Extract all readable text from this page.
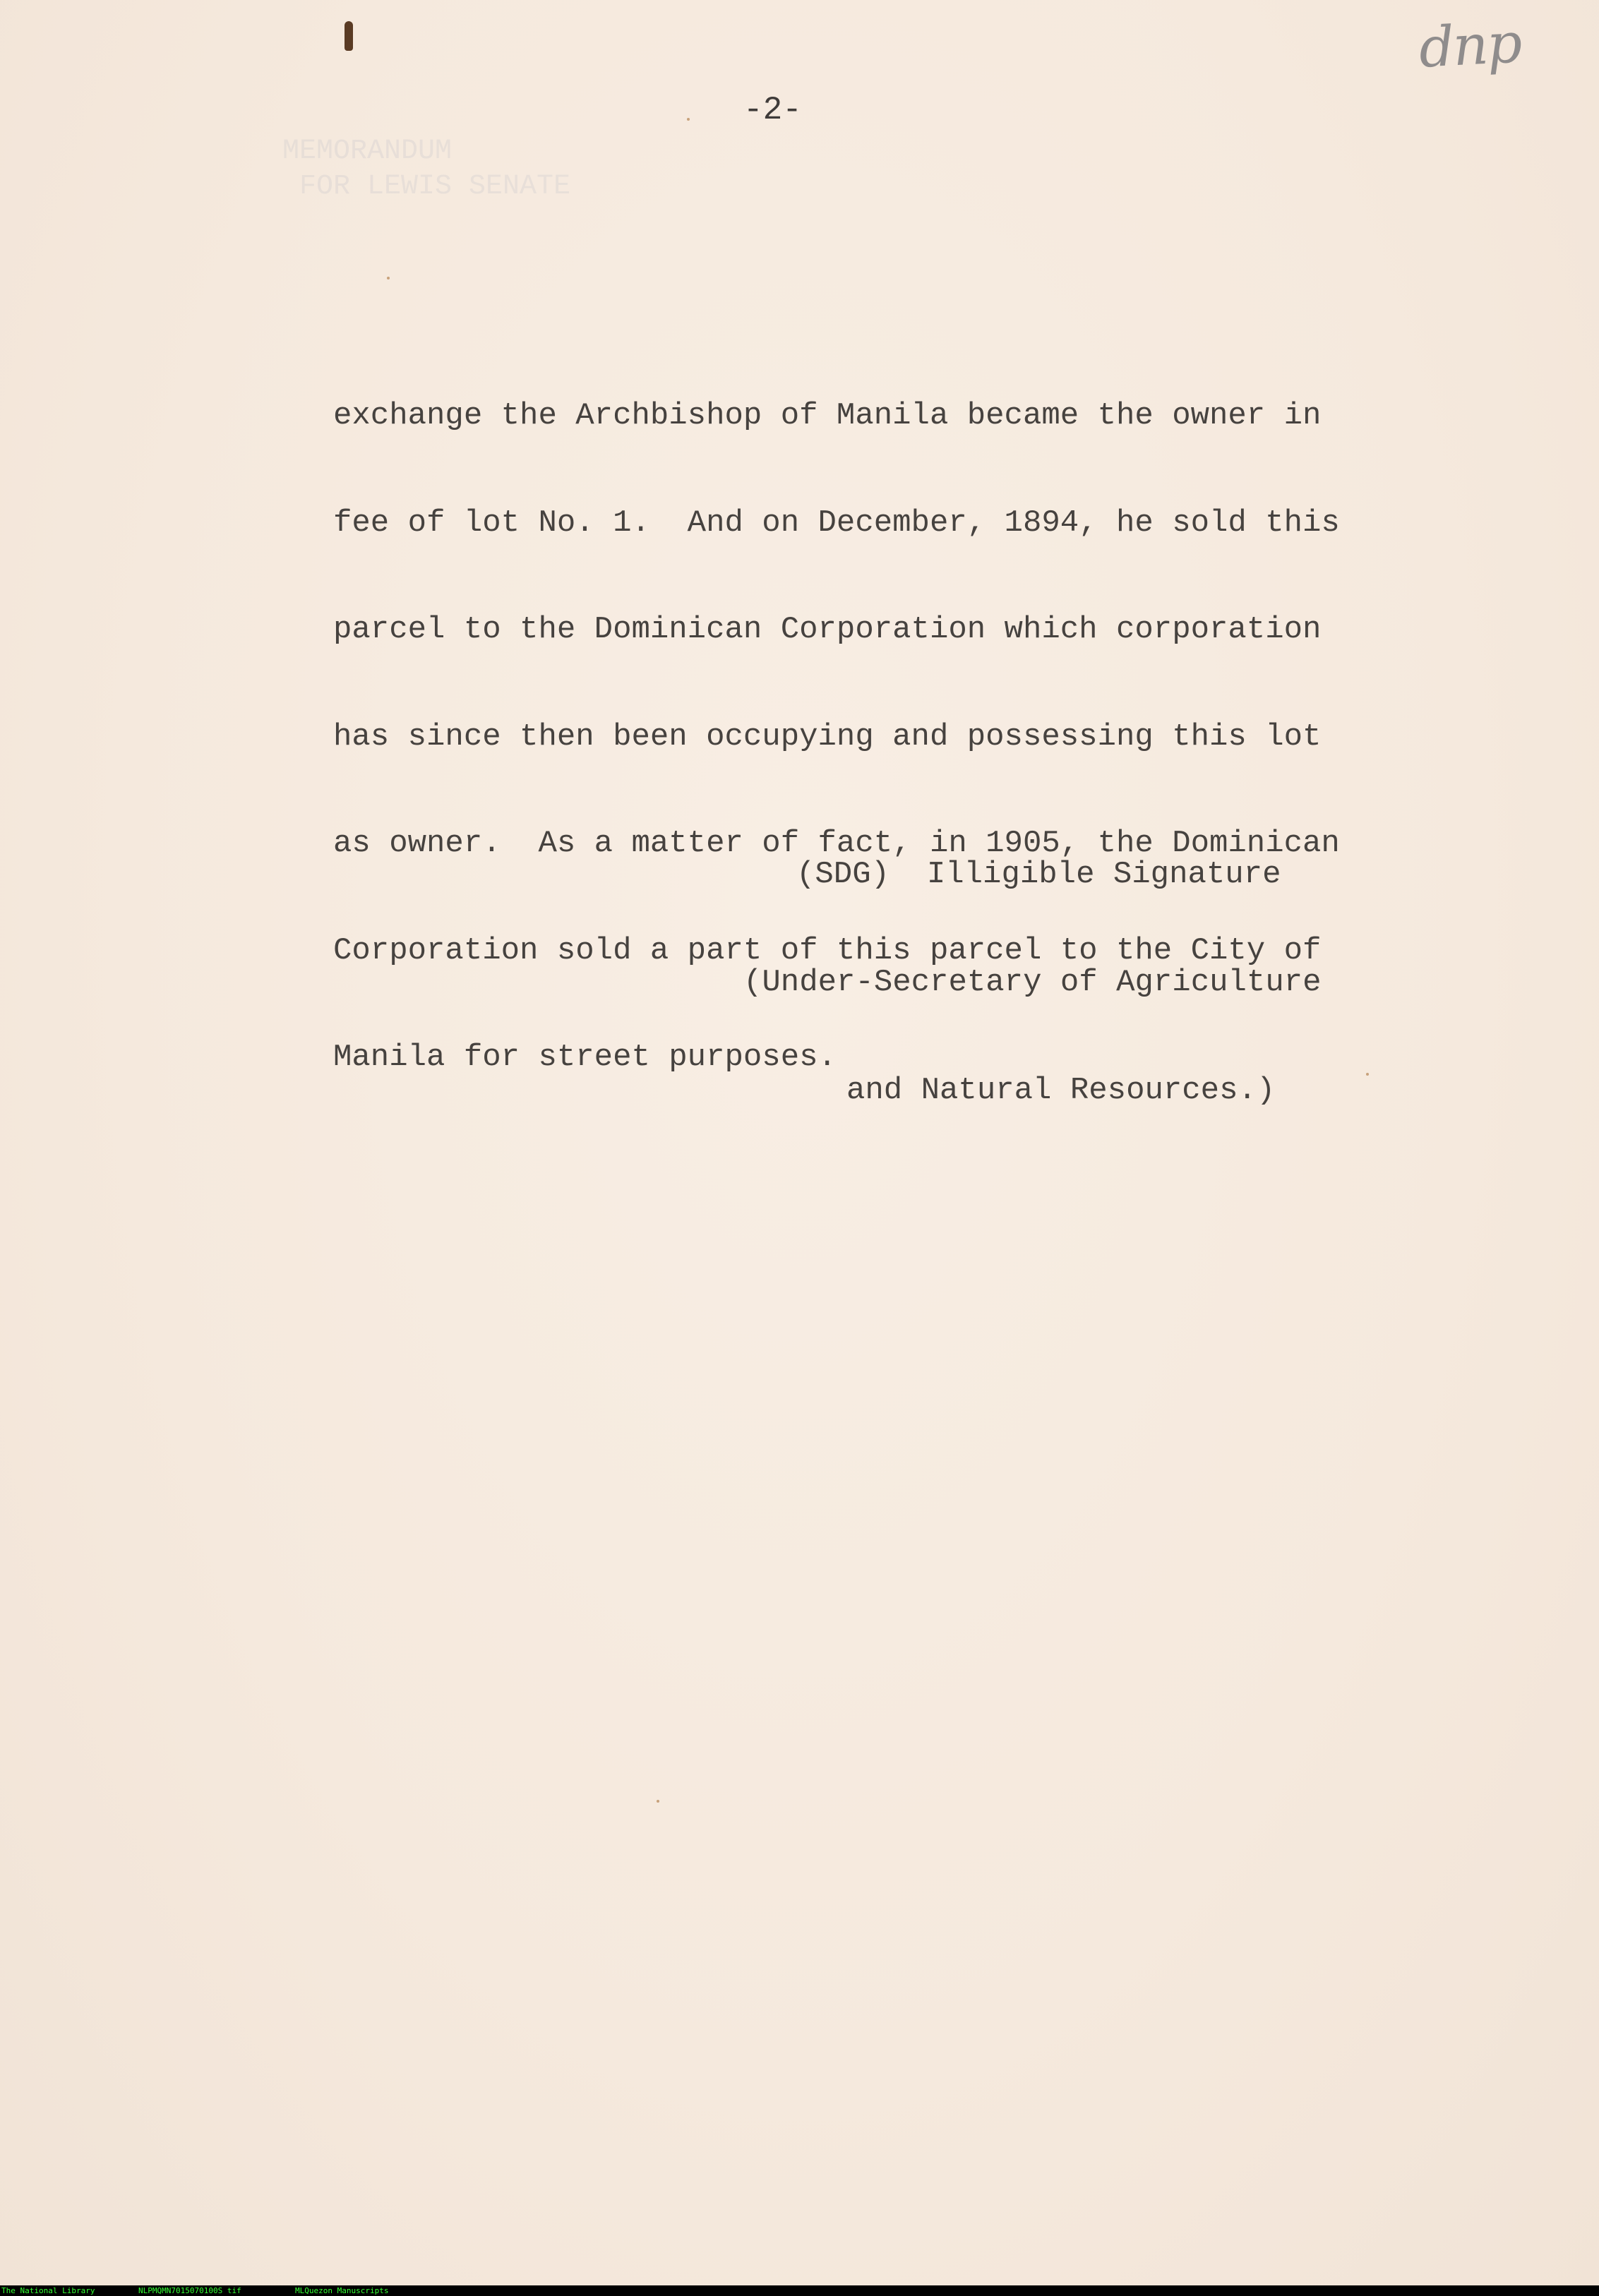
dnp
-2-
MEMORANDUM
FOR LEWIS SENATE

exchange the Archbishop of Manila became the owner in

fee of lot No. 1.  And on December, 1894, he sold this

parcel to the Dominican Corporation which corporation

has since then been occupying and possessing this lot

as owner.  As a matter of fact, in 1905, the Dominican

Corporation sold a part of this parcel to the City of

Manila for street purposes.

(SDG)  Illigible Signature

(Under-Secretary of Agriculture

and Natural Resources.)

The National Library

	NLPMQMN7015070100S tif

	MLQuezon Manuscripts
